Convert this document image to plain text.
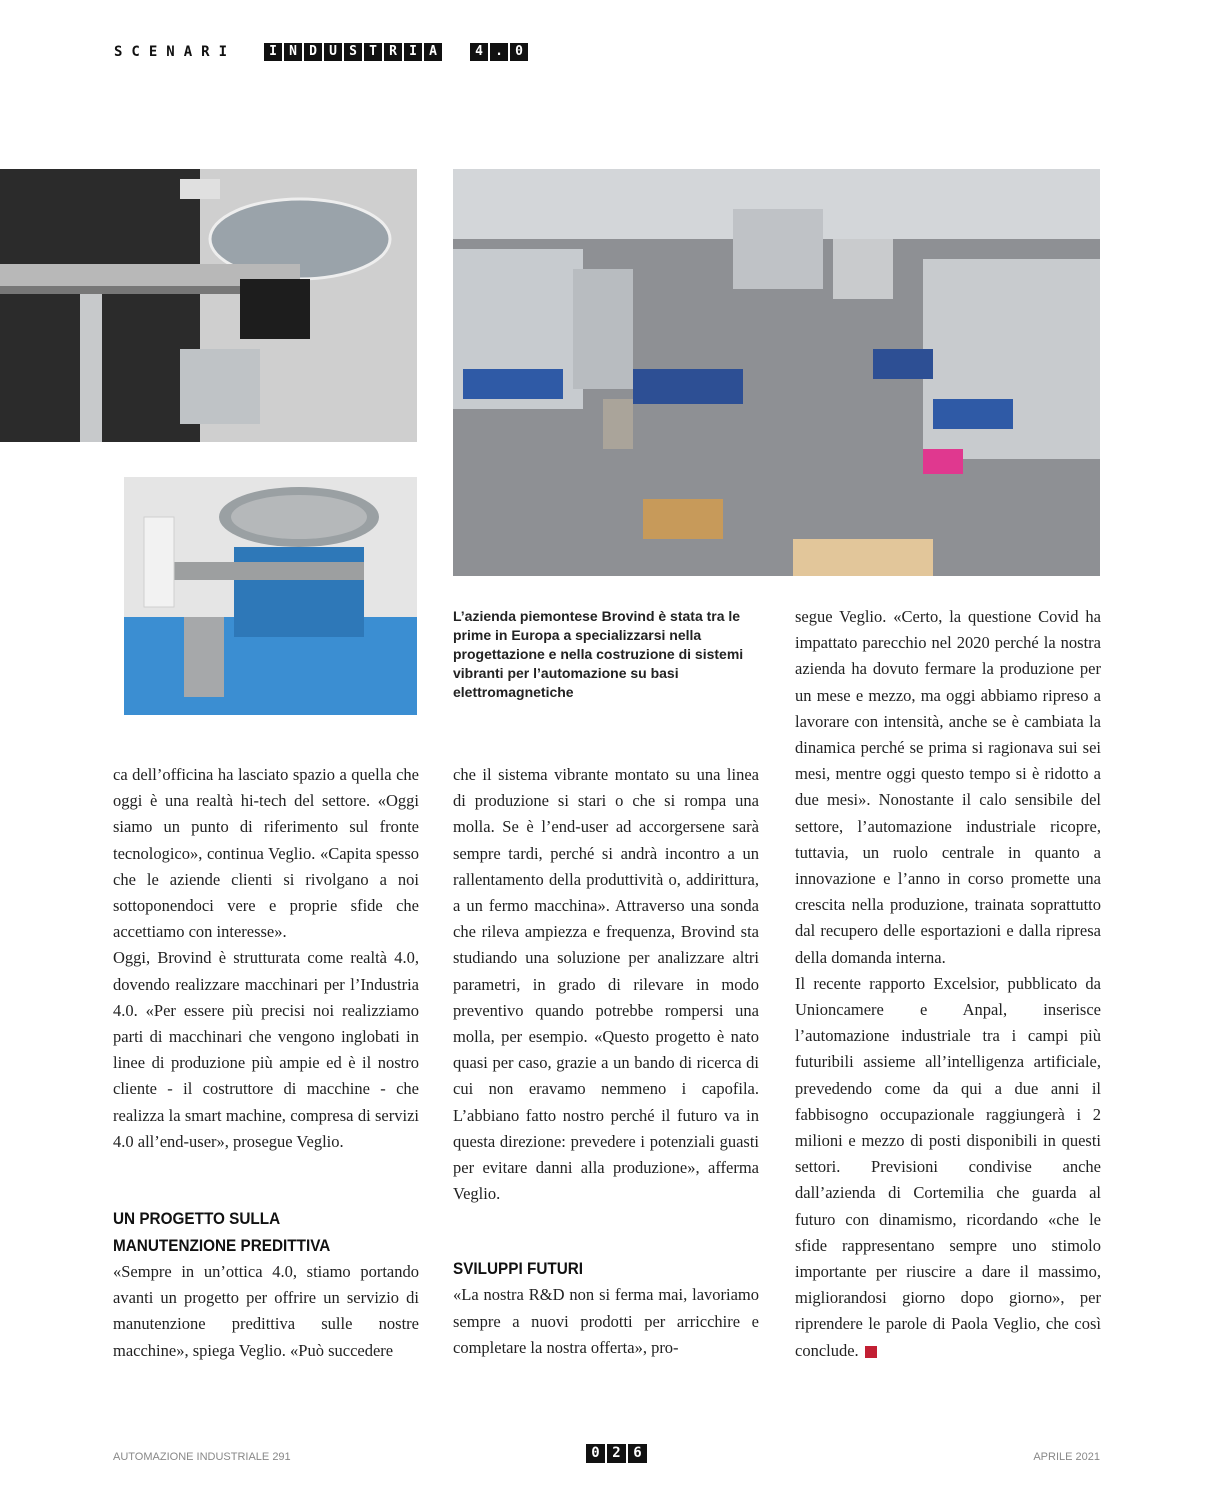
SCENARI	I N D U S T R I A	4 . 0
L’azienda piemontese Brovind è stata tra le prime in Europa a specializzarsi nella progettazione e nella costruzione di sistemi vibranti per l’automazione su basi elettromagnetiche

ca dell’officina ha lasciato spazio a quella che oggi è una realtà hi-tech del settore. «Oggi siamo un punto di riferimento sul fronte tecnologico», continua Veglio. «Capita spesso che le aziende clienti si rivolgano a noi sottoponendoci vere e proprie sfide che accettiamo con interesse».

Oggi, Brovind è strutturata come realtà 4.0, dovendo realizzare macchinari per l’Industria 4.0. «Per essere più precisi noi realizziamo parti di macchinari che vengono inglobati in linee di produzione più ampie ed è il nostro cliente - il costruttore di macchine - che realizza la smart machine, compresa di servizi 4.0 all’end-user», prosegue Veglio.

UN PROGETTO SULLA MANUTENZIONE PREDITTIVA

«Sempre in un’ottica 4.0, stiamo portando avanti un progetto per offrire un servizio di manutenzione predittiva sulle nostre macchine», spiega Veglio. «Può succedere

che il sistema vibrante montato su una linea di produzione si stari o che si rompa una molla. Se è l’end-user ad accorgersene sarà sempre tardi, perché si andrà incontro a un rallentamento della produttività o, addirittura, a un fermo macchina». Attraverso una sonda che rileva ampiezza e frequenza, Brovind sta studiando una soluzione per analizzare altri parametri, in grado di rilevare in modo preventivo quando potrebbe rompersi una molla, per esempio. «Questo progetto è nato quasi per caso, grazie a un bando di ricerca di cui non eravamo nemmeno i capofila. L’abbiano fatto nostro perché il futuro va in questa direzione: prevedere i potenziali guasti per evitare danni alla produzione», afferma Veglio.

SVILUPPI FUTURI

«La nostra R&D non si ferma mai, lavoriamo sempre a nuovi prodotti per arricchire e completare la nostra offerta», pro-

segue Veglio. «Certo, la questione Covid ha impattato parecchio nel 2020 perché la nostra azienda ha dovuto fermare la produzione per un mese e mezzo, ma oggi abbiamo ripreso a lavorare con intensità, anche se è cambiata la dinamica perché se prima si ragionava sui sei mesi, mentre oggi questo tempo si è ridotto a due mesi». Nonostante il calo sensibile del settore, l’automazione industriale ricopre, tuttavia, un ruolo centrale in quanto a innovazione e l’anno in corso promette una crescita nella produzione, trainata soprattutto dal recupero delle esportazioni e dalla ripresa della domanda interna.

Il recente rapporto Excelsior, pubblicato da Unioncamere e Anpal, inserisce l’automazione industriale tra i campi più futuribili assieme all’intelligenza artificiale, prevedendo come da qui a due anni il fabbisogno occupazionale raggiungerà i 2 milioni e mezzo di posti disponibili in questi settori. Previsioni condivise anche dall’azienda di Cortemilia che guarda al futuro con dinamismo, ricordando «che le sfide rappresentano sempre uno stimolo importante per riuscire a dare il massimo, migliorandosi giorno dopo giorno», per riprendere le parole di Paola Veglio, che così conclude.

AUTOMAZIONE INDUSTRIALE 291	0 2 6	APRILE 2021
